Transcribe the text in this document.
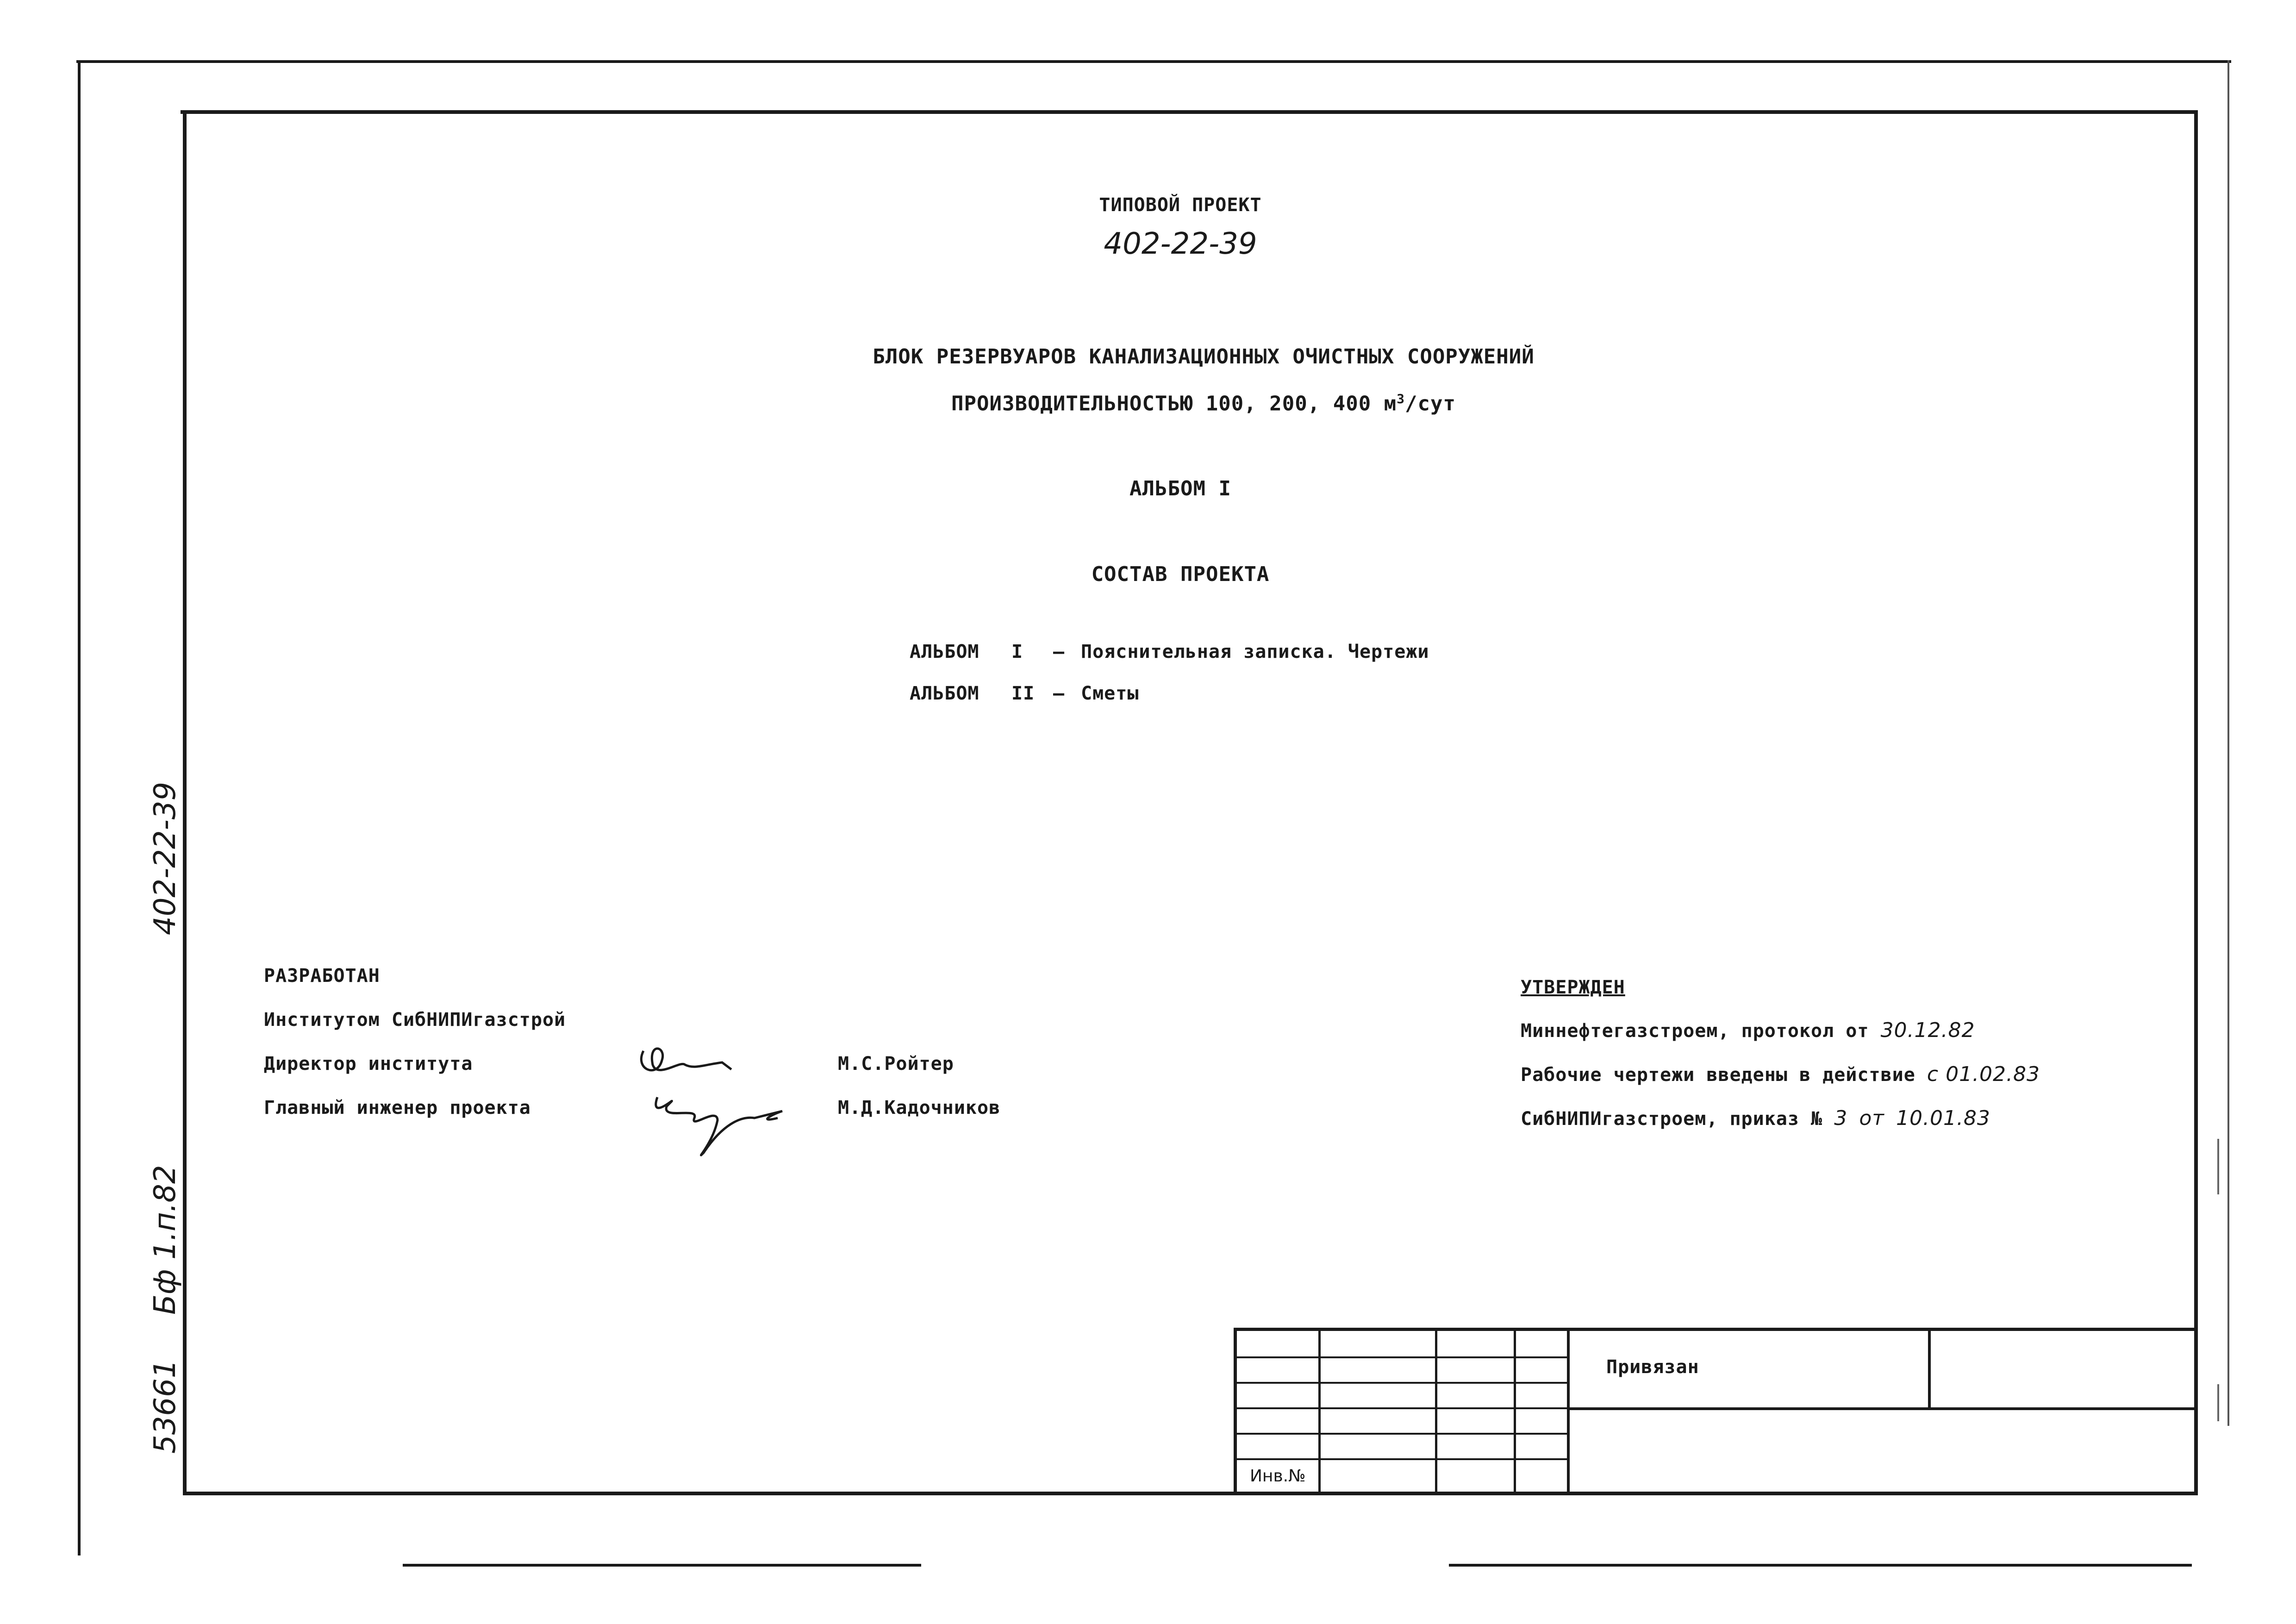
ТИПОВОЙ ПРОЕКТ
402-22-39
БЛОК РЕЗЕРВУАРОВ КАНАЛИЗАЦИОННЫХ ОЧИСТНЫХ СООРУЖЕНИЙ
ПРОИЗВОДИТЕЛЬНОСТЬЮ 100, 200, 400 $м^3$/сут
АЛЬБОМ I
СОСТАВ ПРОЕКТА
АЛЬБОМ I – Пояснительная записка. Чертежи
АЛЬБОМ II – Сметы
РАЗРАБОТАН
Институтом СибНИПИгазстрой
Директор института
Главный инженер проекта
М.С.Ройтер
М.Д.Кадочников
УТВЕРЖДЕН
Миннефтегазстроем, протокол от 30.12.82
Рабочие чертежи введены в действие с 01.02.83
СибНИПИгазстроем, приказ № 3 от 10.01.83
402-22-39
Бф 1.п.82
53661	Привязан
Инв.№
